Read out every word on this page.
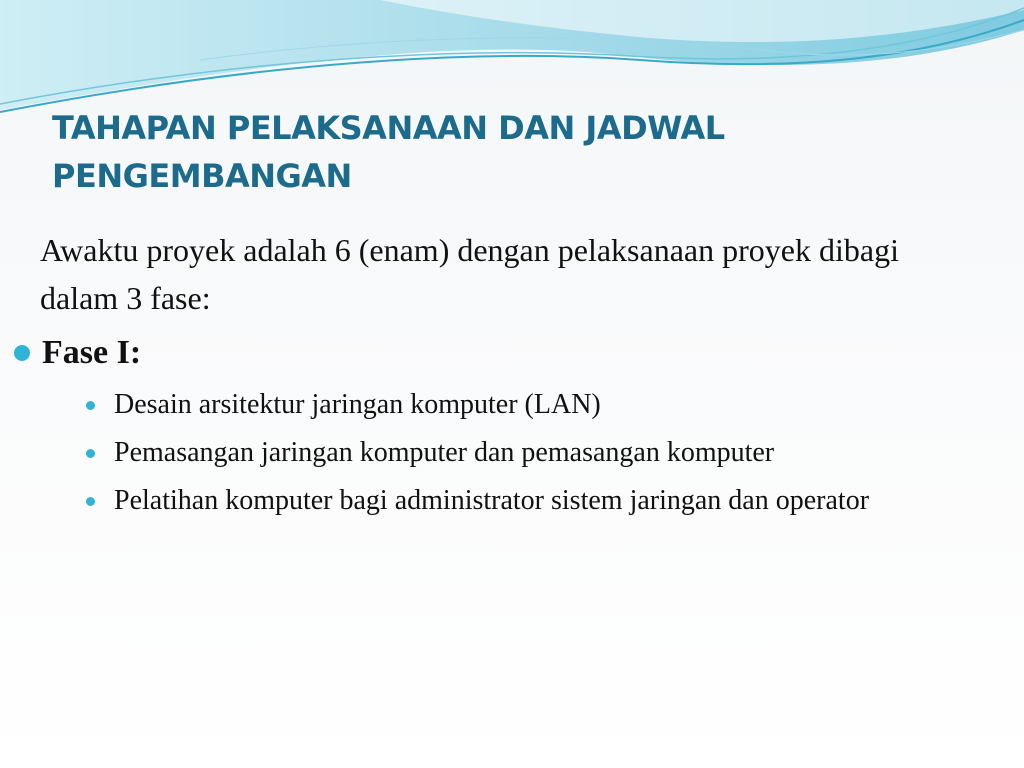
TAHAPAN PELAKSANAAN DAN JADWAL PENGEMBANGAN

Awaktu proyek adalah 6 (enam) dengan pelaksanaan proyek dibagi dalam 3 fase:

Fase I:
Desain arsitektur jaringan komputer (LAN)
Pemasangan jaringan komputer dan pemasangan komputer
Pelatihan komputer bagi administrator sistem jaringan dan operator
